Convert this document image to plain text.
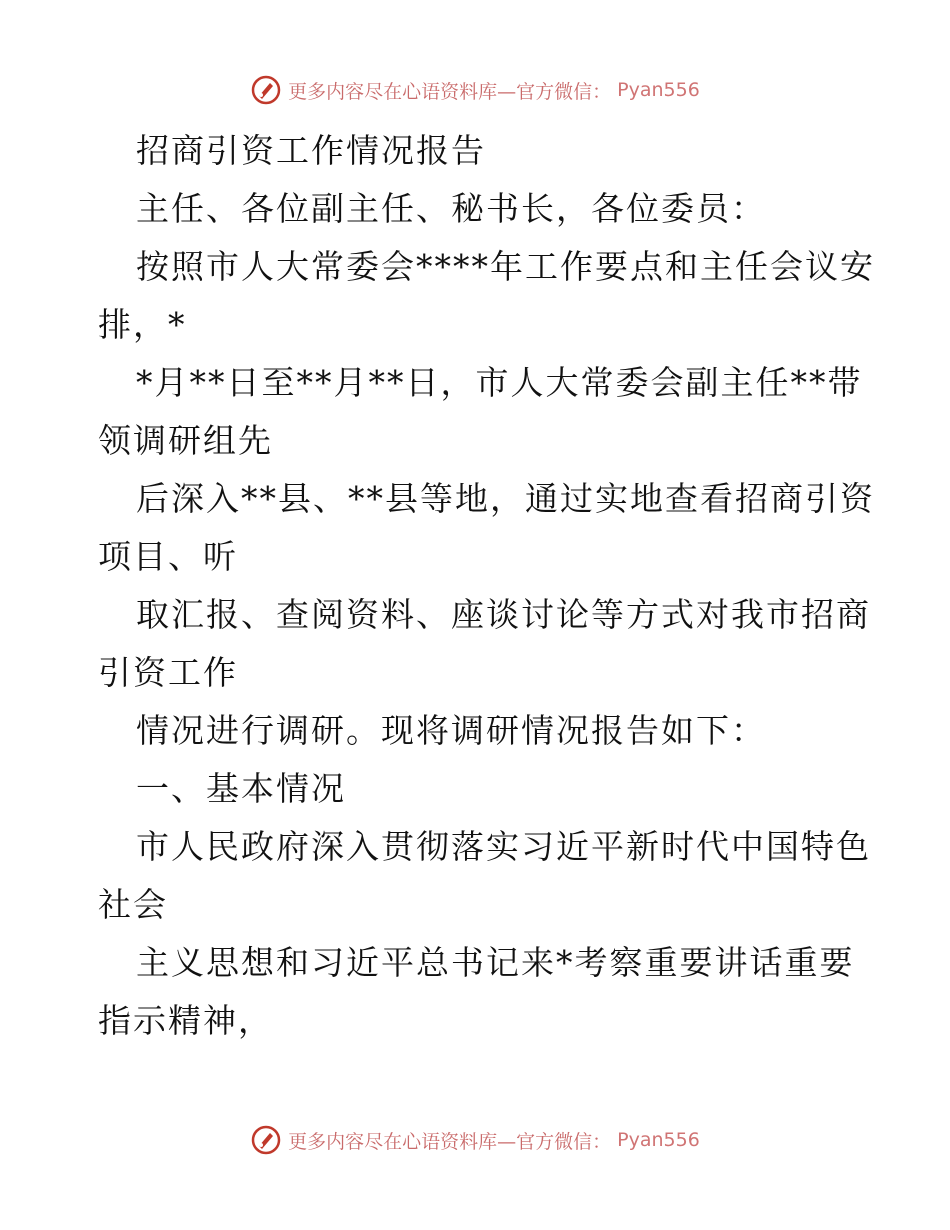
更多内容尽在心语资料库—官方微信： Pyan556
招商引资工作情况报告
主任、各位副主任、秘书长，各位委员：
按照市人大常委会****年工作要点和主任会议安
排，*
*月**日至**月**日，市人大常委会副主任**带
领调研组先
后深入**县、**县等地，通过实地查看招商引资
项目、听
取汇报、查阅资料、座谈讨论等方式对我市招商
引资工作
情况进行调研。现将调研情况报告如下：
一、基本情况
市人民政府深入贯彻落实习近平新时代中国特色
社会
主义思想和习近平总书记来*考察重要讲话重要
指示精神，
更多内容尽在心语资料库—官方微信： Pyan556
